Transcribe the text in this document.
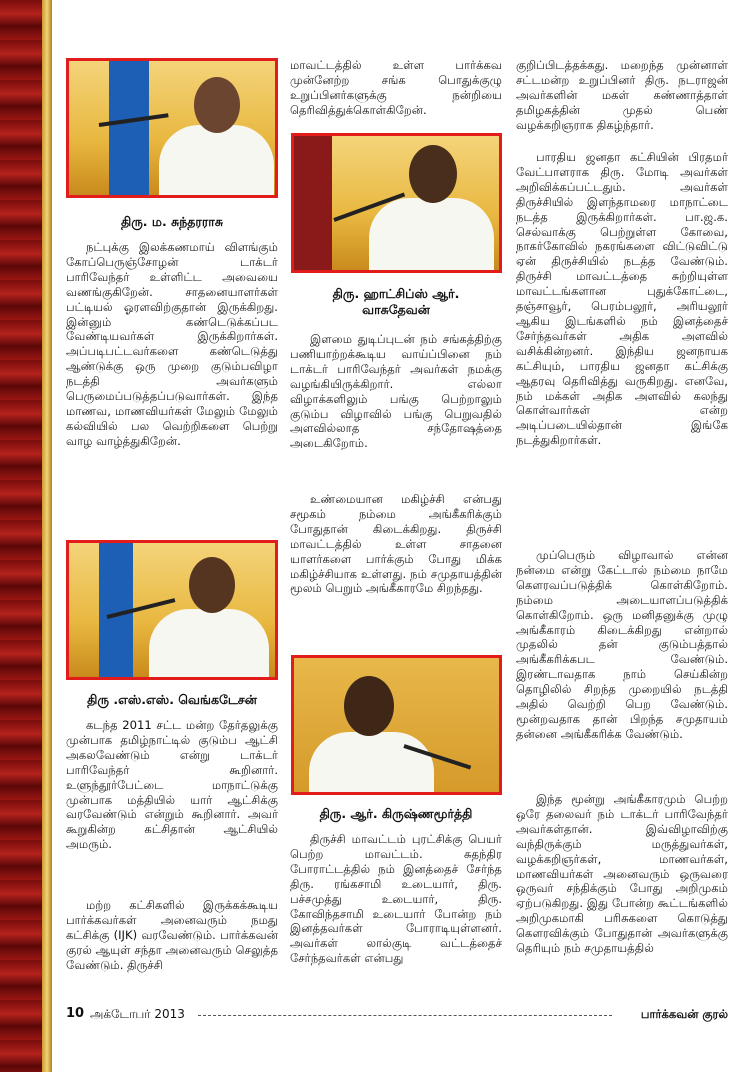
திரு. ம. சுந்தரராசு
திரு. ஹாட்சிப்ஸ் ஆர்.
வாசுதேவன்
திரு .எஸ்.எஸ். வெங்கடேசன்
திரு. ஆர். கிருஷ்ணமூர்த்தி

நட்புக்கு இலக்கணமாய் விளங்கும் கோப்பெருஞ்சோழன் டாக்டர் பாரிவேந்தர் உள்ளிட்ட அவையை வணங்குகிறேன். சாதனையாளர்கள் பட்டியல் ஓரளவிற்குதான் இருக்கிறது. இன்னும் கண்டெடுக்கப்பட வேண்டியவர்கள் இருக்கிறார்கள். அப்படிபட்டவர்களை கண்டெடுத்து ஆண்டுக்கு ஒரு முறை குடும்பவிழா நடத்தி அவர்களும் பெருமைப்படுத்தப்படுவார்கள். இந்த மாணவ, மாணவியர்கள் மேலும் மேலும் கல்வியில் பல வெற்றிகளை பெற்று வாழ வாழ்த்துகிறேன்.

கடந்த 2011 சட்ட மன்ற தேர்தலுக்கு முன்பாக தமிழ்நாட்டில் குடும்ப ஆட்சி அகலவேண்டும் என்று டாக்டர் பாரிவேந்தர் கூறினார். உளுந்தூர்பேட்டை மாநாட்டுக்கு முன்பாக மத்தியில் யார் ஆட்சிக்கு வரவேண்டும் என்றும் கூறினார். அவர் கூறுகின்ற கட்சிதான் ஆட்சியில் அமரும்.

மற்ற கட்சிகளில் இருக்கக்கூடிய பார்க்கவர்கள் அனைவரும் நமது கட்சிக்கு (IJK) வரவேண்டும். பார்க்கவன் குரல் ஆயுள் சந்தா அனைவரும் செலுத்த வேண்டும். திருச்சி

மாவட்டத்தில் உள்ள பார்க்கவ முன்னேற்ற சங்க பொதுக்குழு உறுப்பினர்களுக்கு நன்றியை தெரிவித்துக்கொள்கிறேன்.

இளமை துடிப்புடன் நம் சங்கத்திற்கு பணியாற்றக்கூடிய வாய்ப்பினை நம் டாக்டர் பாரிவேந்தர் அவர்கள் நமக்கு வழங்கியிருக்கிறார். எல்லா விழாக்களிலும் பங்கு பெற்றாலும் குடும்ப விழாவில் பங்கு பெறுவதில் அளவில்லாத சந்தோஷத்தை அடைகிறோம்.

உண்மையான மகிழ்ச்சி என்பது சமூகம் நம்மை அங்கீகரிக்கும் போதுதான் கிடைக்கிறது. திருச்சி மாவட்டத்தில் உள்ள சாதனை யாளர்களை பார்க்கும் போது மிக்க மகிழ்ச்சியாக உள்ளது. நம் சமுதாயத்தின் மூலம் பெறும் அங்கீகாரமே சிறந்தது.

திருச்சி மாவட்டம் புரட்சிக்கு பெயர் பெற்ற மாவட்டம். சுதந்திர போராட்டத்தில் நம் இனத்தைச் சேர்ந்த திரு. ரங்கசாமி உடையார், திரு. பச்சமுத்து உடையார், திரு. கோவிந்தசாமி உடையார் போன்ற நம் இனத்தவர்கள் போராடியுள்ளனர். அவர்கள் லால்குடி வட்டத்தைச் சேர்ந்தவர்கள் என்பது

குறிப்பிடத்தக்கது. மறைந்த முன்னாள் சட்டமன்ற உறுப்பினர் திரு. நடராஜன் அவர்களின் மகள் கண்ணாத்தாள் தமிழகத்தின் முதல் பெண் வழக்கறிஞராக திகழ்ந்தார்.

பாரதிய ஜனதா கட்சியின் பிரதமர் வேட்பாளராக திரு. மோடி அவர்கள் அறிவிக்கப்பட்டதும். அவர்கள் திருச்சியில் இளந்தாமரை மாநாட்டை நடத்த இருக்கிறார்கள். பா.ஜ.க. செல்வாக்கு பெற்றுள்ள கோவை, நாகர்கோவில் நகரங்களை விட்டுவிட்டு ஏன் திருச்சியில் நடத்த வேண்டும். திருச்சி மாவட்டத்தை சுற்றியுள்ள மாவட்டங்களான புதுக்கோட்டை, தஞ்சாவூர், பெரம்பலூர், அரியலூர் ஆகிய இடங்களில் நம் இனத்தைச் சேர்ந்தவர்கள் அதிக அளவில் வசிக்கின்றனர். இந்திய ஜனநாயக கட்சியும், பாரதிய ஜனதா கட்சிக்கு ஆதரவு தெரிவித்து வருகிறது. எனவே, நம் மக்கள் அதிக அளவில் கலந்து கொள்வார்கள் என்ற அடிப்படையில்தான் இங்கே நடத்துகிறார்கள்.

முப்பெரும் விழாவால் என்ன நன்மை என்று கேட்டால் நம்மை நாமே கௌரவப்படுத்திக் கொள்கிறோம். நம்மை அடையாளப்படுத்திக் கொள்கிறோம். ஒரு மனிதனுக்கு முழு அங்கீகாரம் கிடைக்கிறது என்றால் முதலில் தன் குடும்பத்தால் அங்கீகரிக்கபட வேண்டும். இரண்டாவதாக நாம் செய்கின்ற தொழிலில் சிறந்த முறையில் நடத்தி அதில் வெற்றி பெற வேண்டும். மூன்றவதாக தான் பிறந்த சமுதாயம் தன்னை அங்கீகரிக்க வேண்டும்.

இந்த மூன்று அங்கீகாரமும் பெற்ற ஒரே தலைவர் நம் டாக்டர் பாரிவேந்தர் அவர்கள்தான். இவ்விழாவிற்கு வந்திருக்கும் மருத்துவர்கள், வழக்கறிஞர்கள், மாணவர்கள், மாணவியர்கள் அனைவரும் ஒருவரை ஒருவர் சந்திக்கும் போது அறிமுகம் ஏற்படுகிறது. இது போன்ற கூட்டங்களில் அறிமுகமாகி பரிசுகளை கொடுத்து கௌரவிக்கும் போதுதான் அவர்களுக்கு தெரியும் நம் சமுதாயத்தில்

10 அக்டோபர் 2013	பார்க்கவன் குரல்
